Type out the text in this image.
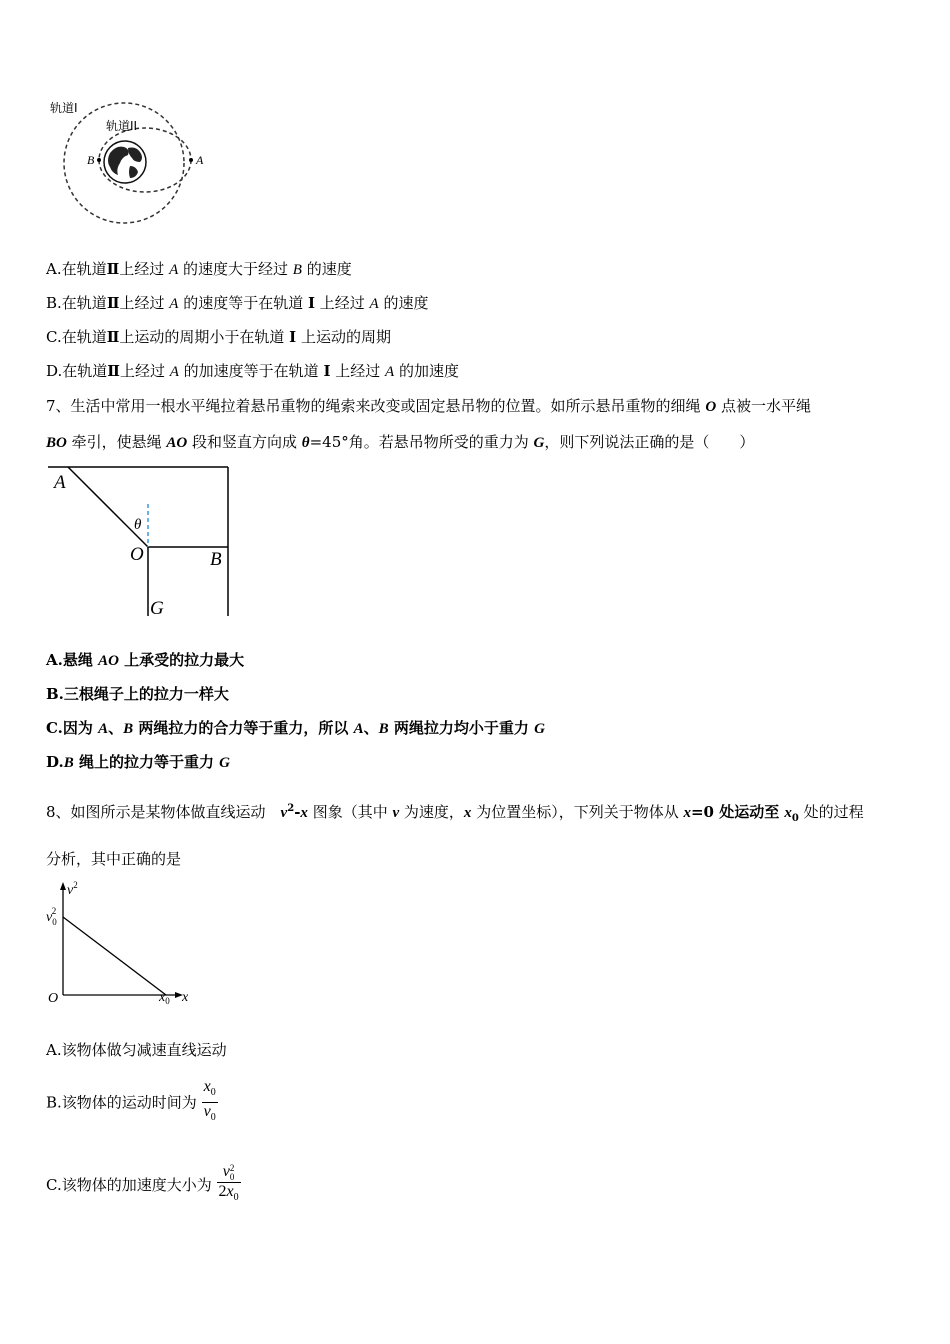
轨道I
轨道II
B	A
A.在轨道Ⅱ上经过 A 的速度大于经过 B 的速度
B.在轨道Ⅱ上经过 A 的速度等于在轨道 Ⅰ 上经过 A 的速度
C.在轨道Ⅱ上运动的周期小于在轨道 Ⅰ 上运动的周期
D.在轨道Ⅱ上经过 A 的加速度等于在轨道 Ⅰ 上经过 A 的加速度
7、生活中常用一根水平绳拉着悬吊重物的绳索来改变或固定悬吊物的位置。如所示悬吊重物的细绳 O 点被一水平绳
BO 牵引，使悬绳 AO 段和竖直方向成 θ=45°角。若悬吊物所受的重力为 G，则下列说法正确的是（　　）
A
θ
O	B
G
A.悬绳 AO 上承受的拉力最大
B.三根绳子上的拉力一样大
C.因为 A、B 两绳拉力的合力等于重力，所以 A、B 两绳拉力均小于重力 G
D.B 绳上的拉力等于重力 G
8、如图所示是某物体做直线运动　$v^2-x$ 图象（其中 v 为速度，x 为位置坐标），下列关于物体从 x=0 处运动至 $x_0$ 处的过程
分析，其中正确的是
$v^2$
$v_02$
O	$x_0$ x
A.该物体做匀减速直线运动
B.该物体的运动时间为 $\frac{x_0}{v_0}$
C.该物体的加速度大小为 v 2
0
$2x_0$
